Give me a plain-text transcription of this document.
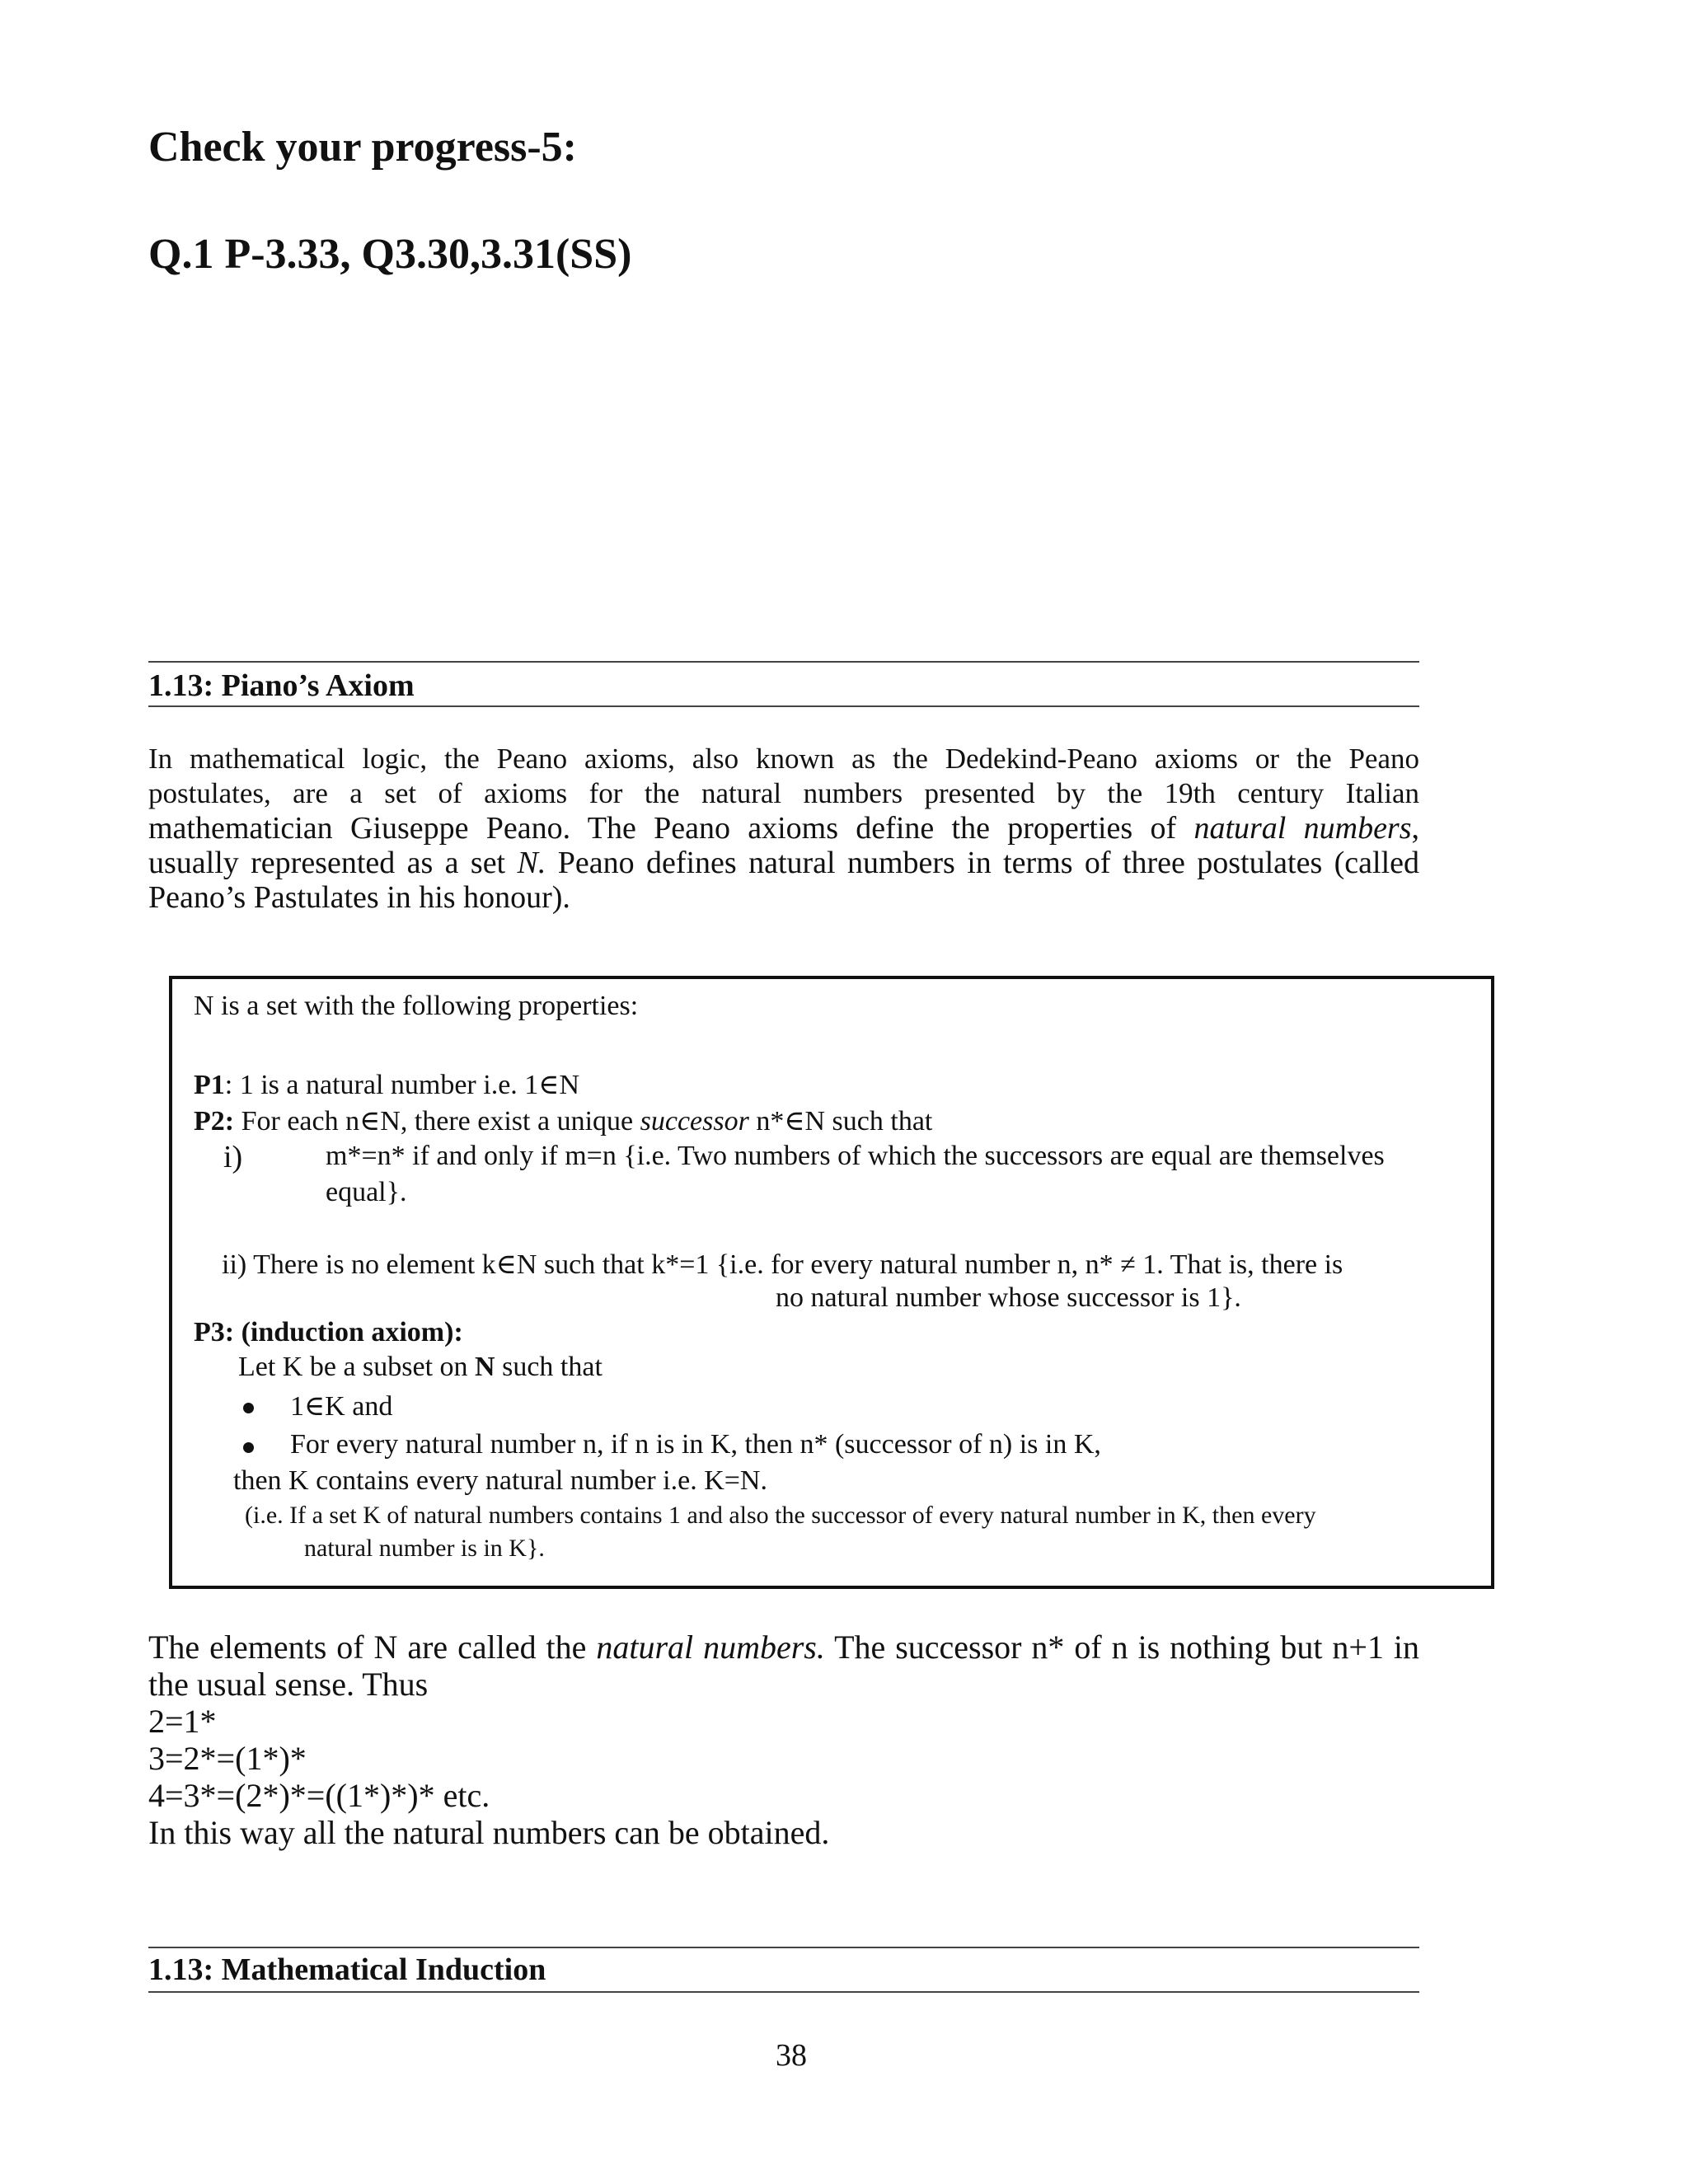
Check your progress-5:
Q.1 P-3.33, Q3.30,3.31(SS)
1.13: Piano’s Axiom
In mathematical logic, the Peano axioms, also known as the Dedekind-Peano axioms or the Peano
postulates, are a set of axioms for the natural numbers presented by the 19th century Italian
mathematician Giuseppe Peano. The Peano axioms define the properties of natural numbers,
usually represented as a set N. Peano defines natural numbers in terms of three postulates (called
Peano’s Pastulates in his honour).
N is a set with the following properties:
P1: 1 is a natural number i.e. 1∈N
P2: For each n∈N, there exist a unique successor n*∈N such that
i)	m*=n* if and only if m=n {i.e. Two numbers of which the successors are equal are themselves
equal}.
ii) There is no element k∈N such that k*=1 {i.e. for every natural number n, n* ≠ 1. That is, there is
no natural number whose successor is 1}.
P3: (induction axiom):
Let K be a subset on N such that
1∈K and
For every natural number n, if n is in K, then n* (successor of n) is in K,
then K contains every natural number i.e. K=N.
(i.e. If a set K of natural numbers contains 1 and also the successor of every natural number in K, then every
natural number is in K}.
The elements of N are called the natural numbers. The successor n* of n is nothing but n+1 in
the usual sense. Thus
2=1*
3=2*=(1*)*
4=3*=(2*)*=((1*)*)* etc.
In this way all the natural numbers can be obtained.
1.13: Mathematical Induction
38
